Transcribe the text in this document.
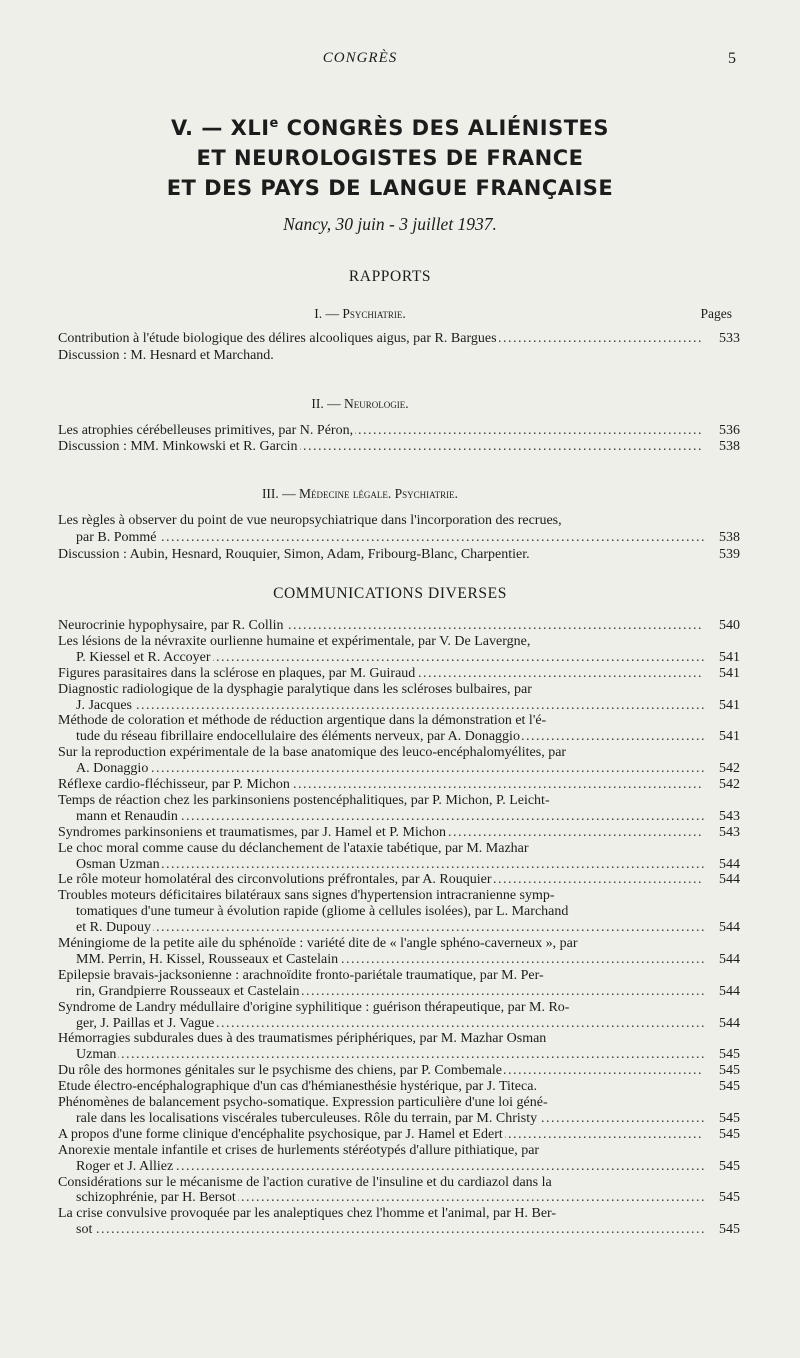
CONGRÈS	5
V. — XLIe CONGRÈS DES ALIÉNISTES
ET NEUROLOGISTES DE FRANCE
ET DES PAYS DE LANGUE FRANÇAISE
Nancy, 30 juin - 3 juillet 1937.
RAPPORTS
I. — Psychiatrie.	Pages
. . .
Contribution à l'étude biologique des délires alcooliques aigus, par R. Bargues	533
Discussion : M. Hesnard et Marchand.
II. — Neurologie.
. . .
Les atrophies cérébelleuses primitives, par N. Péron,	536
. . .
Discussion : MM. Minkowski et R. Garcin	538
III. — Médecine légale. Psychiatrie.
Les règles à observer du point de vue neuropsychiatrique dans l'incorporation des recrues,
. . .
par B. Pommé	538
Discussion : Aubin, Hesnard, Rouquier, Simon, Adam, Fribourg-Blanc, Charpentier.	539
COMMUNICATIONS DIVERSES
. . .
Neurocrinie hypophysaire, par R. Collin	540
Les lésions de la névraxite ourlienne humaine et expérimentale, par V. De Lavergne,
. . .
P. Kiessel et R. Accoyer	541
. . .
Figures parasitaires dans la sclérose en plaques, par M. Guiraud	541
Diagnostic radiologique de la dysphagie paralytique dans les scléroses bulbaires, par
. . .
J. Jacques	541
Méthode de coloration et méthode de réduction argentique dans la démonstration et l'é-
. . .
tude du réseau fibrillaire endocellulaire des éléments nerveux, par A. Donaggio	541
Sur la reproduction expérimentale de la base anatomique des leuco-encéphalomyélites, par
. . .
A. Donaggio	542
. . .
Réflexe cardio-fléchisseur, par P. Michon	542
Temps de réaction chez les parkinsoniens postencéphalitiques, par P. Michon, P. Leicht-
. . .
mann et Renaudin	543
. . .
Syndromes parkinsoniens et traumatismes, par J. Hamel et P. Michon	543
Le choc moral comme cause du déclanchement de l'ataxie tabétique, par M. Mazhar
. . .
Osman Uzman	544
. . .
Le rôle moteur homolatéral des circonvolutions préfrontales, par A. Rouquier	544
Troubles moteurs déficitaires bilatéraux sans signes d'hypertension intracranienne symp-
tomatiques d'une tumeur à évolution rapide (gliome à cellules isolées), par L. Marchand
. . .
et R. Dupouy	544
Méningiome de la petite aile du sphénoïde : variété dite de « l'angle sphéno-caverneux », par
. . .
MM. Perrin, H. Kissel, Rousseaux et Castelain	544
Epilepsie bravais-jacksonienne : arachnoïdite fronto-pariétale traumatique, par M. Per-
. . .
rin, Grandpierre Rousseaux et Castelain	544
Syndrome de Landry médullaire d'origine syphilitique : guérison thérapeutique, par M. Ro-
. . .
ger, J. Paillas et J. Vague	544
Hémorragies subdurales dues à des traumatismes périphériques, par M. Mazhar Osman
. . .
Uzman	545
. . .
Du rôle des hormones génitales sur le psychisme des chiens, par P. Combemale	545
Etude électro-encéphalographique d'un cas d'hémianesthésie hystérique, par J. Titeca.	545
Phénomènes de balancement psycho-somatique. Expression particulière d'une loi géné-
. . .
rale dans les localisations viscérales tuberculeuses. Rôle du terrain, par M. Christy	545
. . .
A propos d'une forme clinique d'encéphalite psychosique, par J. Hamel et Edert	545
Anorexie mentale infantile et crises de hurlements stéréotypés d'allure pithiatique, par
. . .
Roger et J. Alliez	545
Considérations sur le mécanisme de l'action curative de l'insuline et du cardiazol dans la
. . .
schizophrénie, par H. Bersot	545
La crise convulsive provoquée par les analeptiques chez l'homme et l'animal, par H. Ber-
. . .
sot	545
